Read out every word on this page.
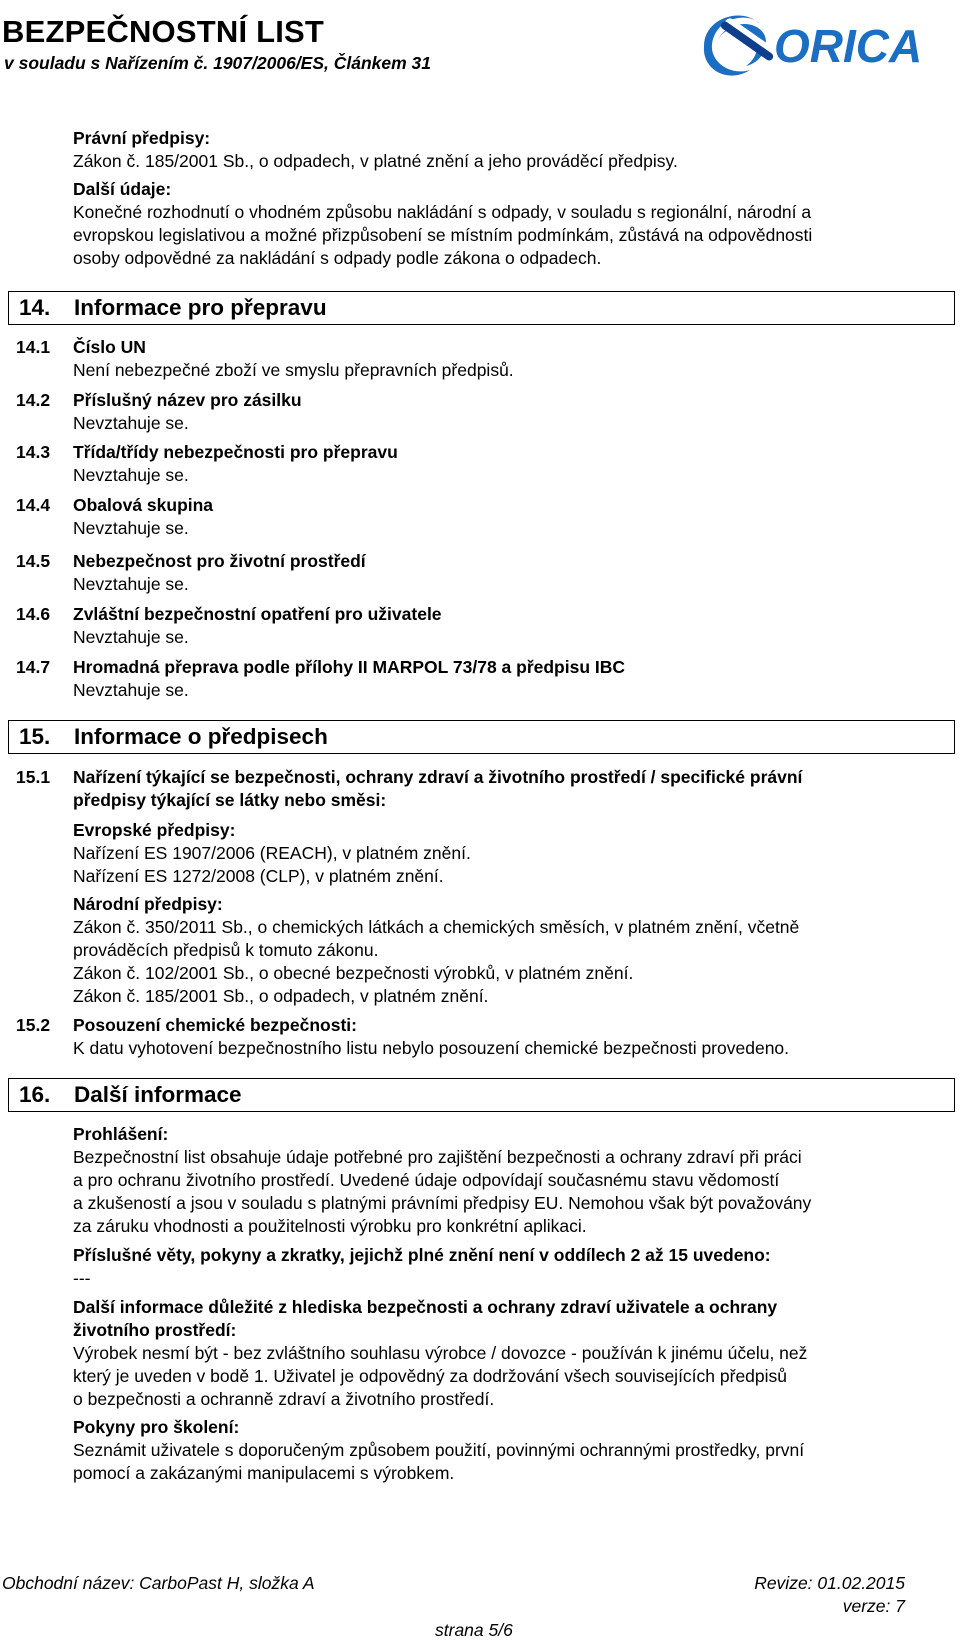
BEZPEČNOSTNÍ LIST
v souladu s Nařízením č. 1907/2006/ES, Článkem 31	ORICA
Právní předpisy:
Zákon č. 185/2001 Sb., o odpadech, v platné znění a jeho prováděcí předpisy.
Další údaje:
Konečné rozhodnutí o vhodném způsobu nakládání s odpady, v souladu s regionální, národní a
evropskou legislativou a možné přizpůsobení se místním podmínkám, zůstává na odpovědnosti
osoby odpovědné za nakládání s odpady podle zákona o odpadech.
14. Informace pro přepravu
14.1 Číslo UN
Není nebezpečné zboží ve smyslu přepravních předpisů.
14.2 Příslušný název pro zásilku
Nevztahuje se.
14.3 Třída/třídy nebezpečnosti pro přepravu
Nevztahuje se.
14.4 Obalová skupina
Nevztahuje se.
14.5 Nebezpečnost pro životní prostředí
Nevztahuje se.
14.6 Zvláštní bezpečnostní opatření pro uživatele
Nevztahuje se.
14.7 Hromadná přeprava podle přílohy II MARPOL 73/78 a předpisu IBC
Nevztahuje se.
15. Informace o předpisech
15.1 Nařízení týkající se bezpečnosti, ochrany zdraví a životního prostředí / specifické právní
předpisy týkající se látky nebo směsi:
Evropské předpisy:
Nařízení ES 1907/2006 (REACH), v platném znění.
Nařízení ES 1272/2008 (CLP), v platném znění.
Národní předpisy:
Zákon č. 350/2011 Sb., o chemických látkách a chemických směsích, v platném znění, včetně
prováděcích předpisů k tomuto zákonu.
Zákon č. 102/2001 Sb., o obecné bezpečnosti výrobků, v platném znění.
Zákon č. 185/2001 Sb., o odpadech, v platném znění.
15.2 Posouzení chemické bezpečnosti:
K datu vyhotovení bezpečnostního listu nebylo posouzení chemické bezpečnosti provedeno.
16. Další informace
Prohlášení:
Bezpečnostní list obsahuje údaje potřebné pro zajištění bezpečnosti a ochrany zdraví při práci
a pro ochranu životního prostředí. Uvedené údaje odpovídají současnému stavu vědomostí
a zkušeností a jsou v souladu s platnými právními předpisy EU. Nemohou však být považovány
za záruku vhodnosti a použitelnosti výrobku pro konkrétní aplikaci.
Příslušné věty, pokyny a zkratky, jejichž plné znění není v oddílech 2 až 15 uvedeno:
---
Další informace důležité z hlediska bezpečnosti a ochrany zdraví uživatele a ochrany
životního prostředí:
Výrobek nesmí být - bez zvláštního souhlasu výrobce / dovozce - používán k jinému účelu, než
který je uveden v bodě 1. Uživatel je odpovědný za dodržování všech souvisejících předpisů
o bezpečnosti a ochranně zdraví a životního prostředí.
Pokyny pro školení:
Seznámit uživatele s doporučeným způsobem použití, povinnými ochrannými prostředky, první
pomocí a zakázanými manipulacemi s výrobkem.
Obchodní název: CarboPast H, složka A	Revize: 01.02.2015
verze: 7
strana 5/6
